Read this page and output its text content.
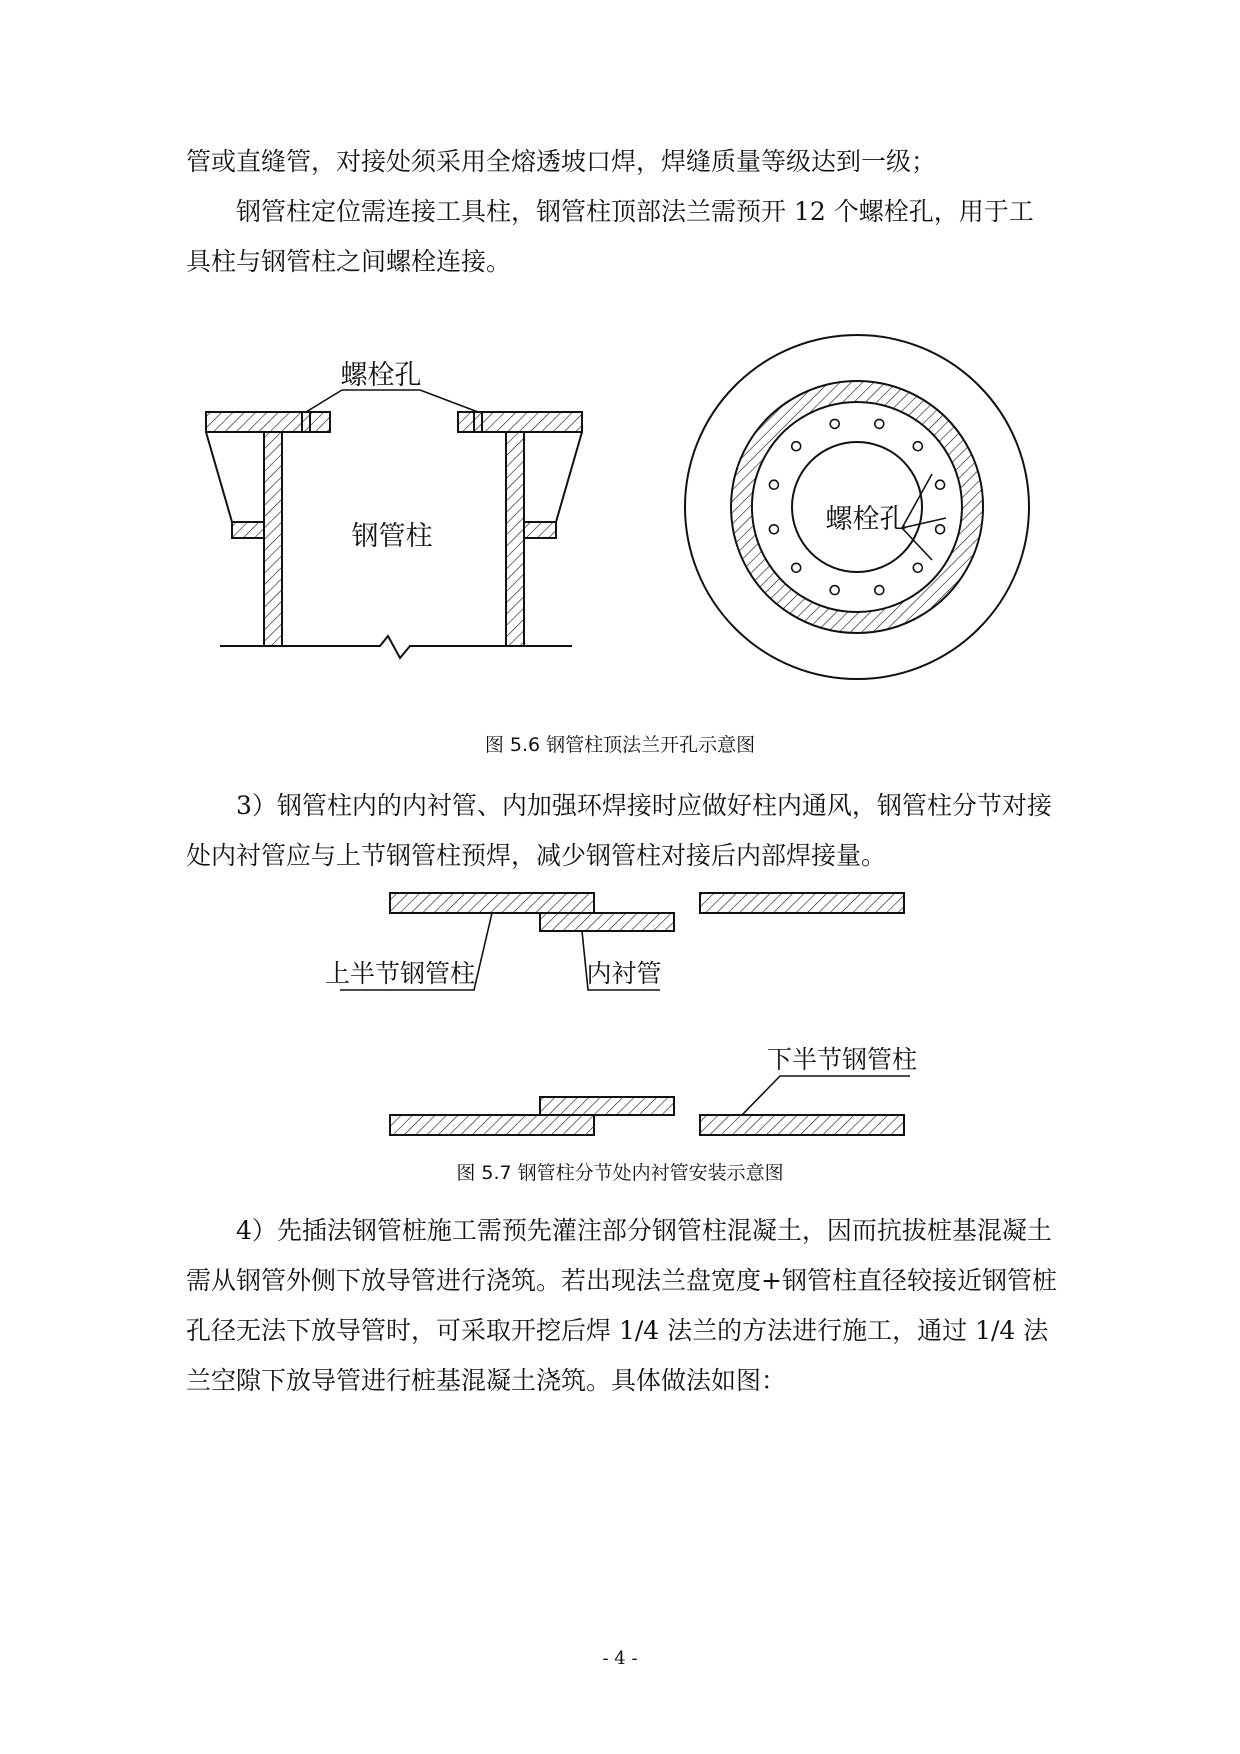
管或直缝管，对接处须采用全熔透坡口焊，焊缝质量等级达到一级；

钢管柱定位需连接工具柱，钢管柱顶部法兰需预开 12 个螺栓孔，用于工具柱与钢管柱之间螺栓连接。

螺栓孔
钢管柱
螺栓孔
上半节钢管柱	内衬管
下半节钢管柱
图 5.6 钢管柱顶法兰开孔示意图

3）钢管柱内的内衬管、内加强环焊接时应做好柱内通风，钢管柱分节对接处内衬管应与上节钢管柱预焊，减少钢管柱对接后内部焊接量。

图 5.7 钢管柱分节处内衬管安装示意图

4）先插法钢管桩施工需预先灌注部分钢管柱混凝土，因而抗拔桩基混凝土需从钢管外侧下放导管进行浇筑。若出现法兰盘宽度+钢管柱直径较接近钢管桩孔径无法下放导管时，可采取开挖后焊 1/4 法兰的方法进行施工，通过 1/4 法兰空隙下放导管进行桩基混凝土浇筑。具体做法如图：

- 4 -
